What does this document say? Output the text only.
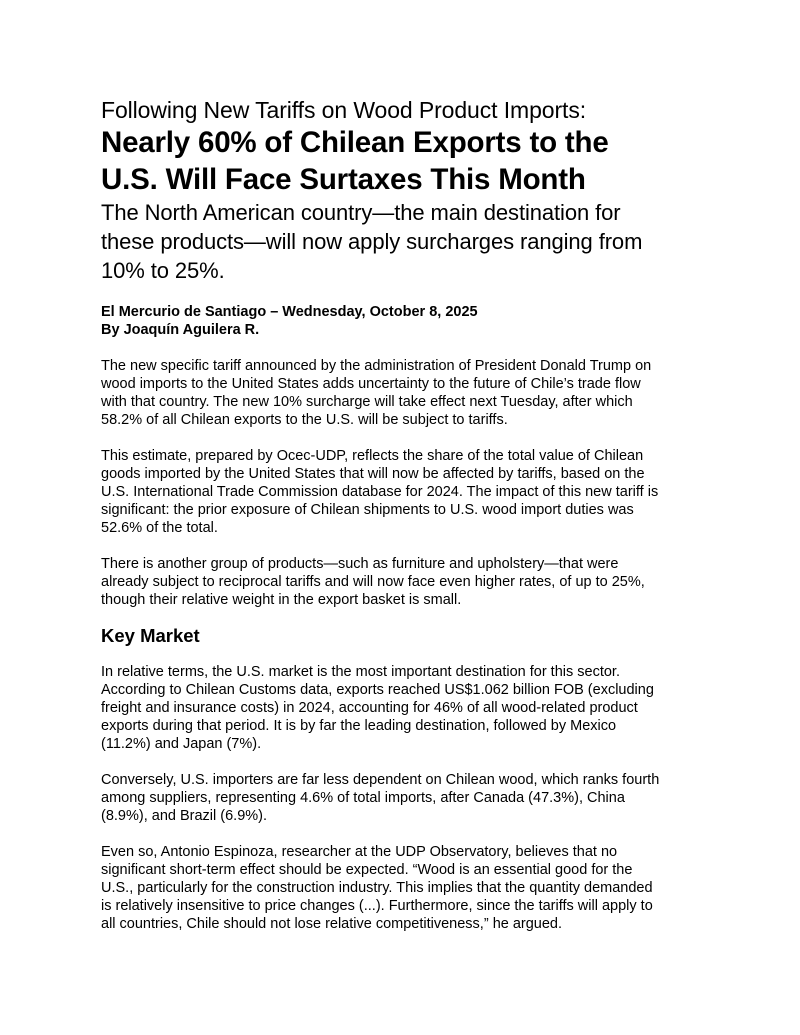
Following New Tariffs on Wood Product Imports:
Nearly 60% of Chilean Exports to the
U.S. Will Face Surtaxes This Month
The North American country—the main destination for
these products—will now apply surcharges ranging from
10% to 25%.
El Mercurio de Santiago – Wednesday, October 8, 2025
By Joaquín Aguilera R.
The new specific tariff announced by the administration of President Donald Trump on
wood imports to the United States adds uncertainty to the future of Chile’s trade flow
with that country. The new 10% surcharge will take effect next Tuesday, after which
58.2% of all Chilean exports to the U.S. will be subject to tariffs.
This estimate, prepared by Ocec-UDP, reflects the share of the total value of Chilean
goods imported by the United States that will now be affected by tariffs, based on the
U.S. International Trade Commission database for 2024. The impact of this new tariff is
significant: the prior exposure of Chilean shipments to U.S. wood import duties was
52.6% of the total.
There is another group of products—such as furniture and upholstery—that were
already subject to reciprocal tariffs and will now face even higher rates, of up to 25%,
though their relative weight in the export basket is small.
Key Market
In relative terms, the U.S. market is the most important destination for this sector.
According to Chilean Customs data, exports reached US$1.062 billion FOB (excluding
freight and insurance costs) in 2024, accounting for 46% of all wood-related product
exports during that period. It is by far the leading destination, followed by Mexico
(11.2%) and Japan (7%).
Conversely, U.S. importers are far less dependent on Chilean wood, which ranks fourth
among suppliers, representing 4.6% of total imports, after Canada (47.3%), China
(8.9%), and Brazil (6.9%).
Even so, Antonio Espinoza, researcher at the UDP Observatory, believes that no
significant short-term effect should be expected. “Wood is an essential good for the
U.S., particularly for the construction industry. This implies that the quantity demanded
is relatively insensitive to price changes (...). Furthermore, since the tariffs will apply to
all countries, Chile should not lose relative competitiveness,” he argued.
